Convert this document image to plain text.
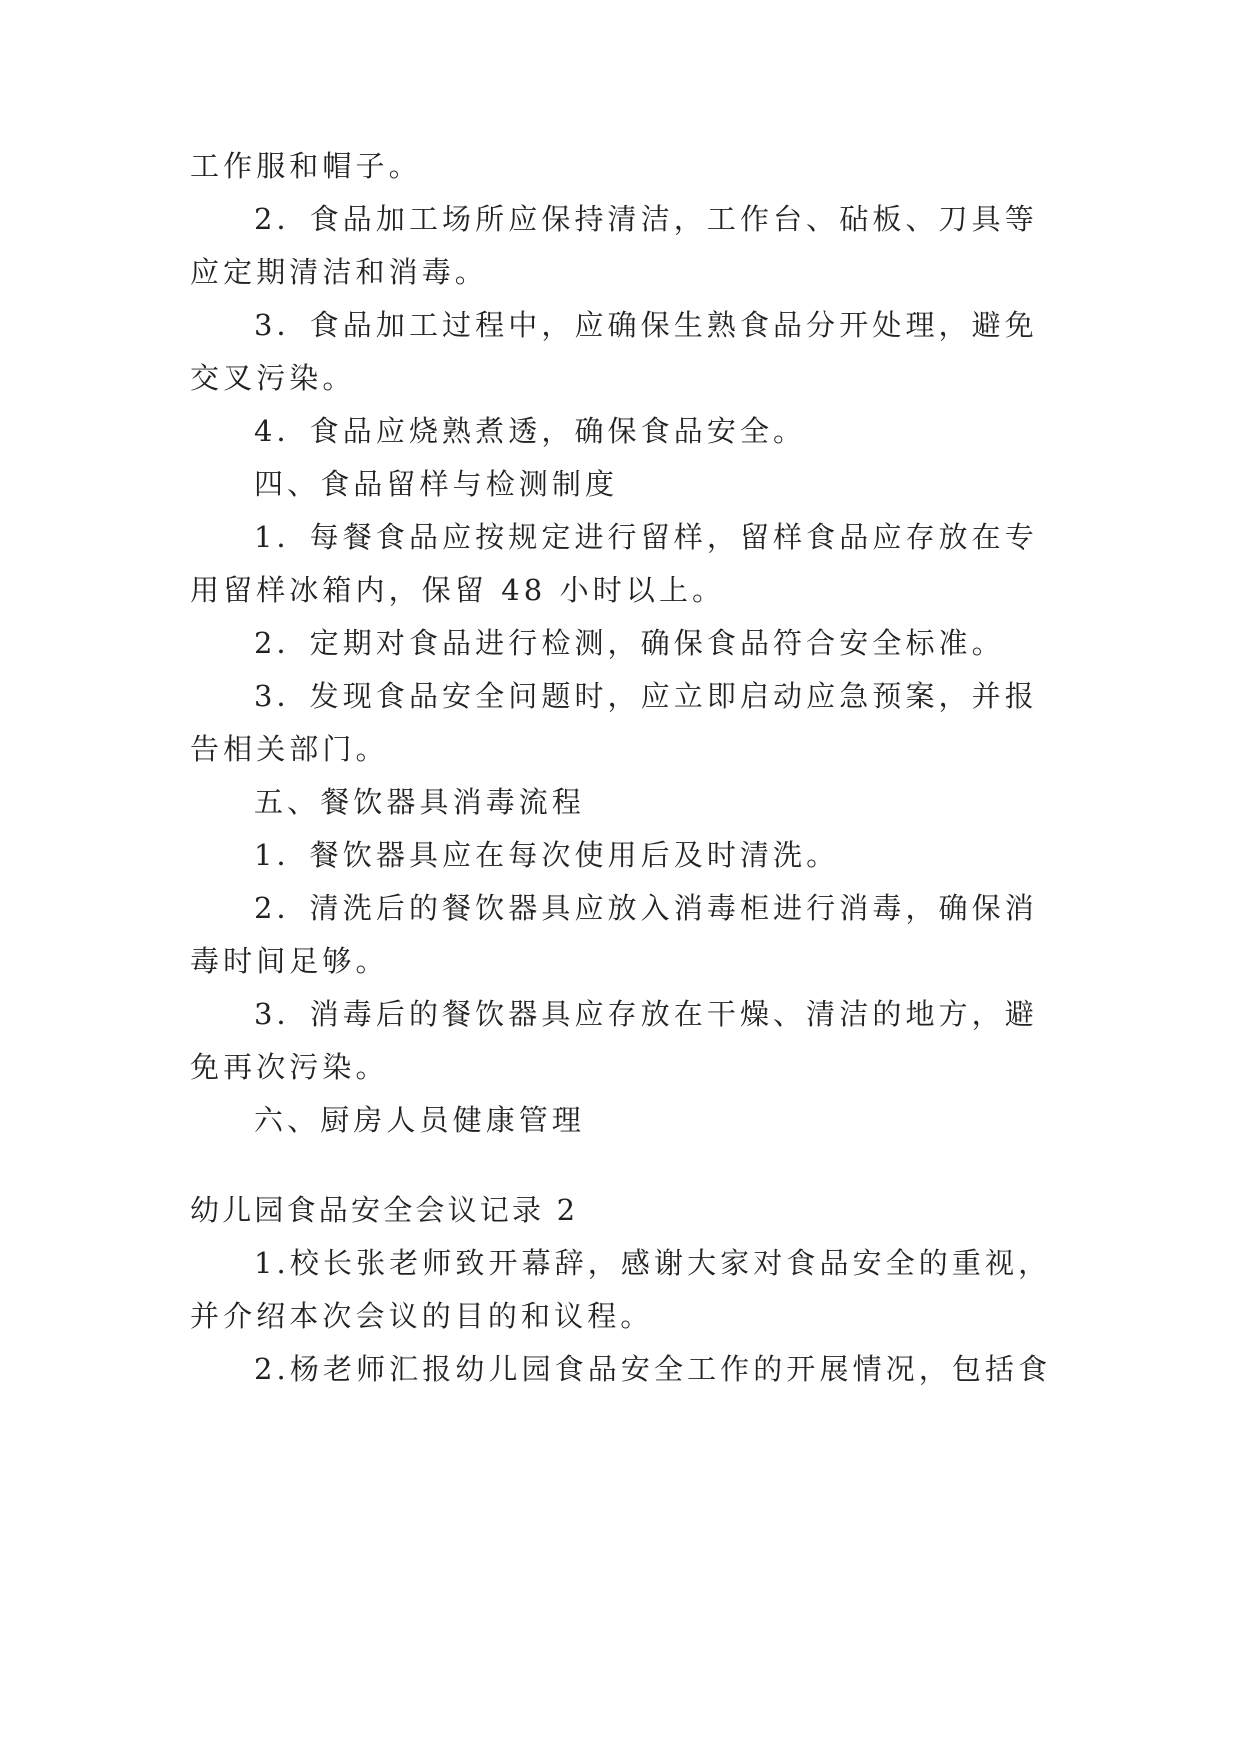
工作服和帽子。
2．食品加工场所应保持清洁，工作台、砧板、刀具等
应定期清洁和消毒。
3．食品加工过程中，应确保生熟食品分开处理，避免
交叉污染。
4．食品应烧熟煮透，确保食品安全。
四、食品留样与检测制度
1．每餐食品应按规定进行留样，留样食品应存放在专
用留样冰箱内，保留 48 小时以上。
2．定期对食品进行检测，确保食品符合安全标准。
3．发现食品安全问题时，应立即启动应急预案，并报
告相关部门。
五、餐饮器具消毒流程
1．餐饮器具应在每次使用后及时清洗。
2．清洗后的餐饮器具应放入消毒柜进行消毒，确保消
毒时间足够。
3．消毒后的餐饮器具应存放在干燥、清洁的地方，避
免再次污染。
六、厨房人员健康管理
幼儿园食品安全会议记录 2
1.校长张老师致开幕辞，感谢大家对食品安全的重视，
并介绍本次会议的目的和议程。
2.杨老师汇报幼儿园食品安全工作的开展情况，包括食
